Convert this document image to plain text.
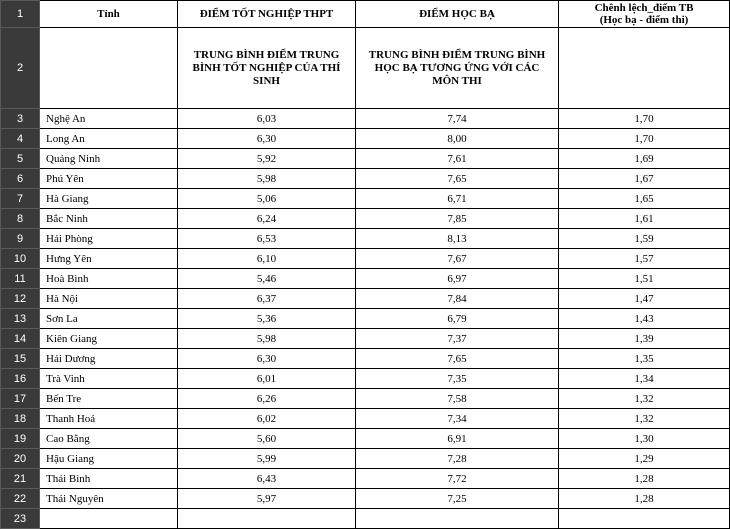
1	Tỉnh	ĐIỂM TỐT NGHIỆP THPT	ĐIỂM HỌC BẠ	Chênh lệch_điểm TB
(Học bạ - điểm thi)

2		TRUNG BÌNH ĐIỂM TRUNG BÌNH TỐT NGHIỆP CỦA THÍ SINH	TRUNG BÌNH ĐIỂM TRUNG BÌNH HỌC BẠ TƯƠNG ỨNG VỚI CÁC MÔN THI	
3	Nghệ An	6,03	7,74	1,70
4	Long An	6,30	8,00	1,70
5	Quảng Ninh	5,92	7,61	1,69
6	Phú Yên	5,98	7,65	1,67
7	Hà Giang	5,06	6,71	1,65
8	Bắc Ninh	6,24	7,85	1,61
9	Hải Phòng	6,53	8,13	1,59
10	Hưng Yên	6,10	7,67	1,57
11	Hoà Bình	5,46	6,97	1,51
12	Hà Nội	6,37	7,84	1,47
13	Sơn La	5,36	6,79	1,43
14	Kiên Giang	5,98	7,37	1,39
15	Hải Dương	6,30	7,65	1,35
16	Trà Vinh	6,01	7,35	1,34
17	Bến Tre	6,26	7,58	1,32
18	Thanh Hoá	6,02	7,34	1,32
19	Cao Bằng	5,60	6,91	1,30
20	Hậu Giang	5,99	7,28	1,29
21	Thái Bình	6,43	7,72	1,28
22	Thái Nguyên	5,97	7,25	1,28
23				
